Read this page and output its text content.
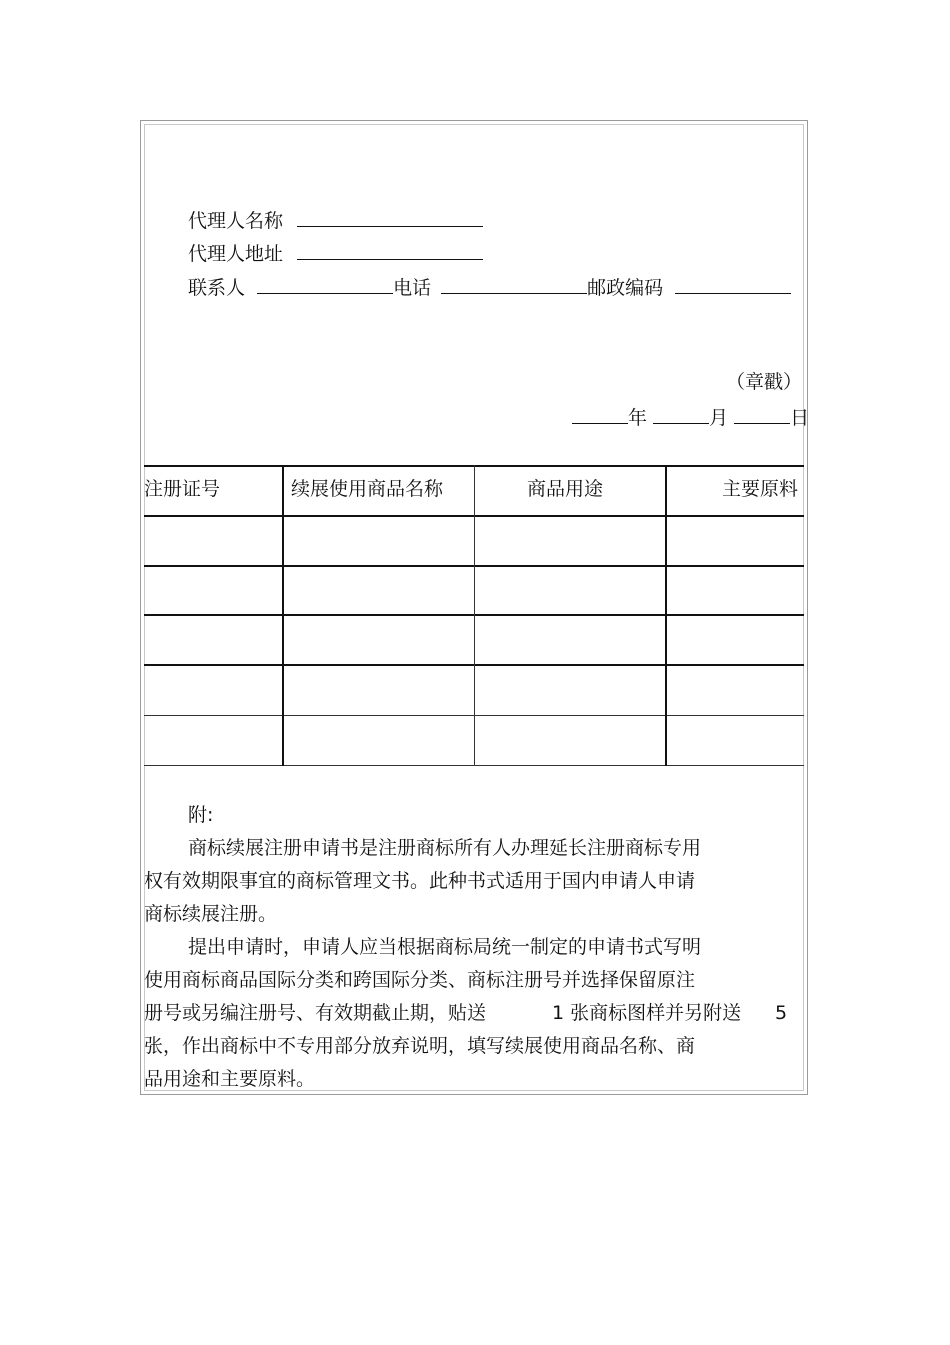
代理人名称
代理人地址
联系人	电话	邮政编码
（章戳）
年	月	日
注册证号	续展使用商品名称	商品用途	主要原料
附:
商标续展注册申请书是注册商标所有人办理延长注册商标专用
权有效期限事宜的商标管理文书。此种书式适用于国内申请人申请
商标续展注册。
提出申请时，申请人应当根据商标局统一制定的申请书式写明
使用商标商品国际分类和跨国际分类、商标注册号并选择保留原注
册号或另编注册号、有效期截止期，贴送	1 张商标图样并另附送 5
张，作出商标中不专用部分放弃说明，填写续展使用商品名称、商
品用途和主要原料。
